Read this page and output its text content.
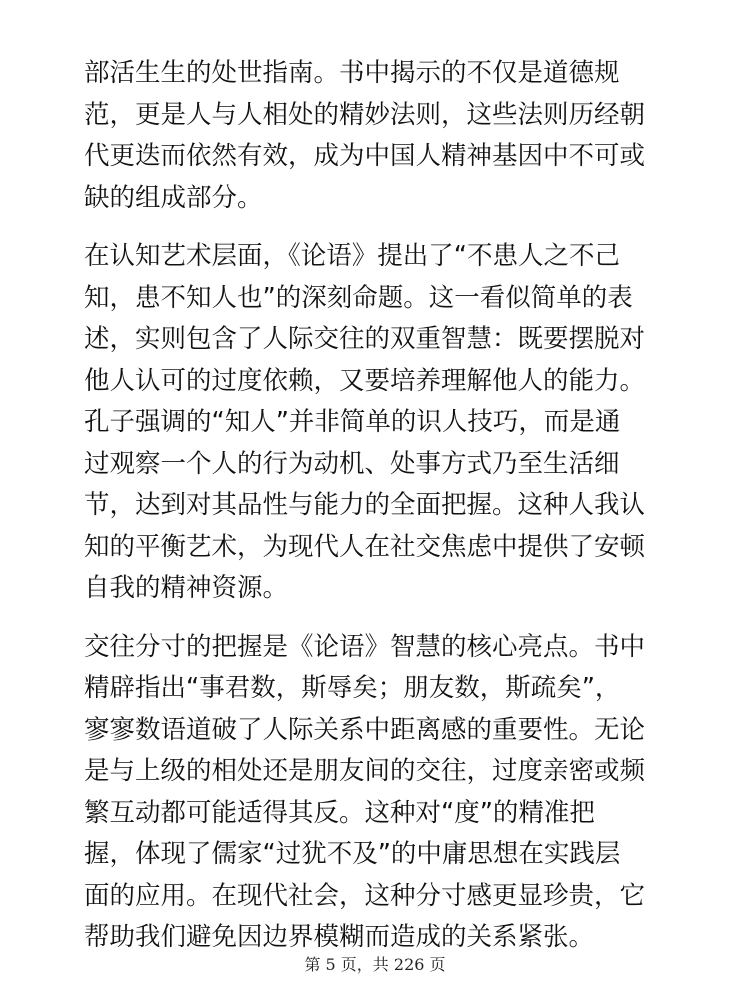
部活生生的处世指南。书中揭示的不仅是道德规
范，更是人与人相处的精妙法则，这些法则历经朝
代更迭而依然有效，成为中国人精神基因中不可或
缺的组成部分。

在认知艺术层面，《论语》提出了“不患人之不己
知，患不知人也”的深刻命题。这一看似简单的表
述，实则包含了人际交往的双重智慧：既要摆脱对
他人认可的过度依赖，又要培养理解他人的能力。
孔子强调的“知人”并非简单的识人技巧，而是通
过观察一个人的行为动机、处事方式乃至生活细
节，达到对其品性与能力的全面把握。这种人我认
知的平衡艺术，为现代人在社交焦虑中提供了安顿
自我的精神资源。

交往分寸的把握是《论语》智慧的核心亮点。书中
精辟指出“事君数，斯辱矣；朋友数，斯疏矣”，
寥寥数语道破了人际关系中距离感的重要性。无论
是与上级的相处还是朋友间的交往，过度亲密或频
繁互动都可能适得其反。这种对“度”的精准把
握，体现了儒家“过犹不及”的中庸思想在实践层
面的应用。在现代社会，这种分寸感更显珍贵，它
帮助我们避免因边界模糊而造成的关系紧张。

第 5 页，共 226 页
